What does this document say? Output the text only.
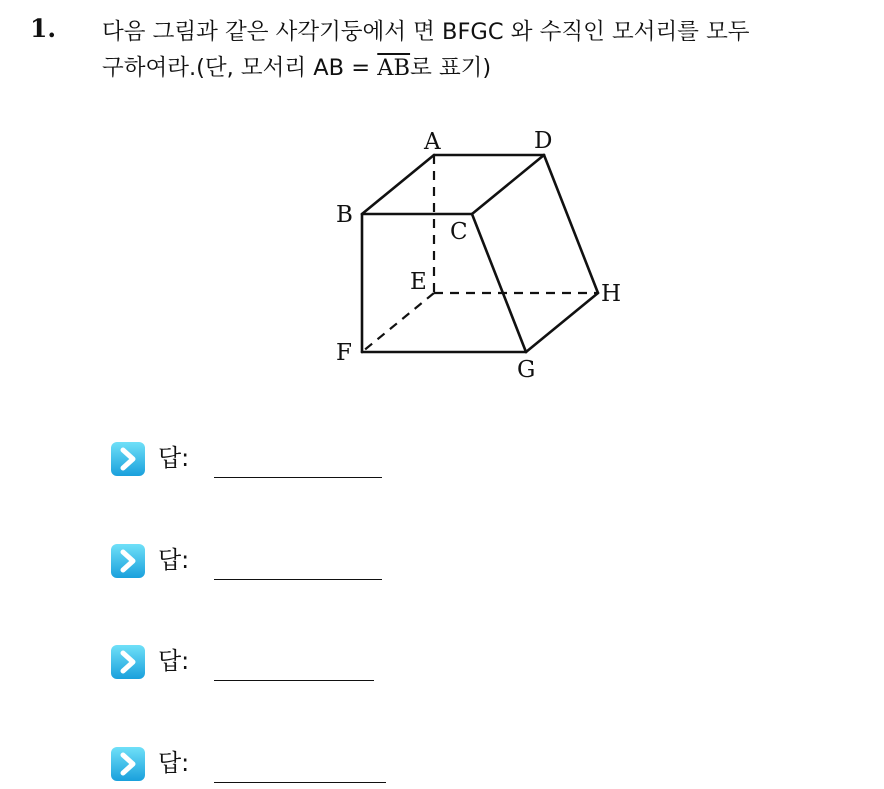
1. 다음 그림과 같은 사각기둥에서 면 BFGC 와 수직인 모서리를 모두
구하여라.(단, 모서리 AB = $\overline{AB}$로 표기)
A	D
B
C
E	H
F
G
답:
답:
답:
답:
